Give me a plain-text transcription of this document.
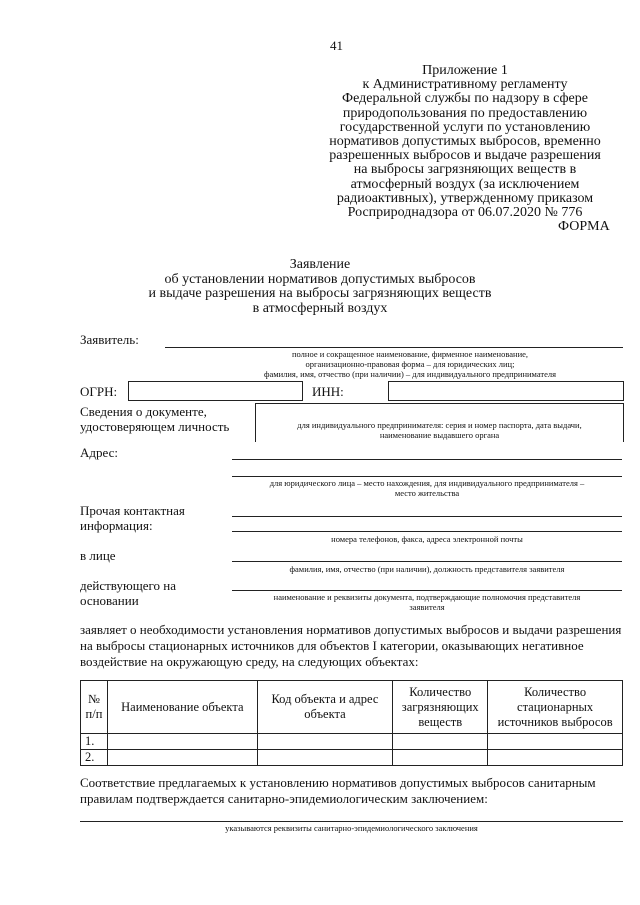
41
Приложение 1
к Административному регламенту
Федеральной службы по надзору в сфере
природопользования по предоставлению
государственной услуги по установлению
нормативов допустимых выбросов, временно
разрешенных выбросов и выдаче разрешения
на выбросы загрязняющих веществ в
атмосферный воздух (за исключением
радиоактивных), утвержденному приказом
Росприроднадзора от 06.07.2020 № 776
ФОРМА
Заявление
об установлении нормативов допустимых выбросов
и выдаче разрешения на выбросы загрязняющих веществ
в атмосферный воздух
Заявитель:
полное и сокращенное наименование, фирменное наименование,
организационно-правовая форма – для юридических лиц;
фамилия, имя, отчество (при наличии) – для индивидуального предпринимателя
ОГРН:	ИНН:
Сведения о документе,
удостоверяющем личность	для индивидуального предпринимателя: серия и номер паспорта, дата выдачи,
наименование выдавшего органа
Адрес:
для юридического лица – место нахождения, для индивидуального предпринимателя –
место жительства
Прочая контактная
информация:
номера телефонов, факса, адреса электронной почты
в лице
фамилия, имя, отчество (при наличии), должность представителя заявителя
действующего на
основании	наименование и реквизиты документа, подтверждающие полномочия представителя
заявителя
заявляет о необходимости установления нормативов допустимых выбросов и выдачи разрешения
на выбросы стационарных источников для объектов I категории, оказывающих негативное
воздействие на окружающую среду, на следующих объектах:
№ п/п	Наименование объекта	Код объекта и адрес объекта	Количество загрязняющих веществ	Количество стационарных источников выбросов
1.				
2.				
Соответствие предлагаемых к установлению нормативов допустимых выбросов санитарным
правилам подтверждается санитарно-эпидемиологическим заключением:
указываются реквизиты санитарно-эпидемиологического заключения
